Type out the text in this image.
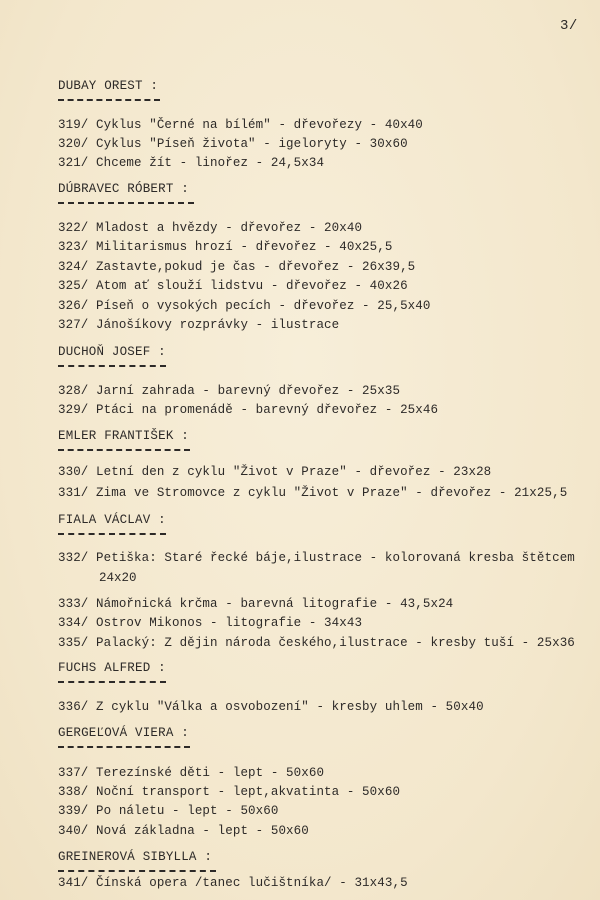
3/
DUBAY OREST :
319/ Cyklus "Černé na bílém" - dřevořezy - 40x40
320/ Cyklus "Píseň života" - igeloryty - 30x60
321/ Chceme žít - linořez - 24,5x34
DÚBRAVEC RÓBERT :
322/ Mladost a hvězdy - dřevořez - 20x40
323/ Militarismus hrozí - dřevořez - 40x25,5
324/ Zastavte,pokud je čas - dřevořez - 26x39,5
325/ Atom ať slouží lidstvu - dřevořez - 40x26
326/ Píseň o vysokých pecích - dřevořez - 25,5x40
327/ Jánošíkovy rozprávky - ilustrace
DUCHOŇ JOSEF :
328/ Jarní zahrada - barevný dřevořez - 25x35
329/ Ptáci na promenádě - barevný dřevořez - 25x46
EMLER FRANTIŠEK :
330/ Letní den z cyklu "Život v Praze" - dřevořez - 23x28
331/ Zima ve Stromovce z cyklu "Život v Praze" - dřevořez - 21x25,5
FIALA VÁCLAV :
332/ Petiška: Staré řecké báje,ilustrace - kolorovaná kresba štětcem
24x20
333/ Námořnická krčma - barevná litografie - 43,5x24
334/ Ostrov Mikonos - litografie - 34x43
335/ Palacký: Z dějin národa českého,ilustrace - kresby tuší - 25x36
FUCHS ALFRED :
336/ Z cyklu "Válka a osvobození" - kresby uhlem - 50x40
GERGEĽOVÁ VIERA :
337/ Terezínské děti - lept - 50x60
338/ Noční transport - lept,akvatinta - 50x60
339/ Po náletu - lept - 50x60
340/ Nová základna - lept - 50x60
GREINEROVÁ SIBYLLA :
341/ Čínská opera /tanec lučištníka/ - 31x43,5
